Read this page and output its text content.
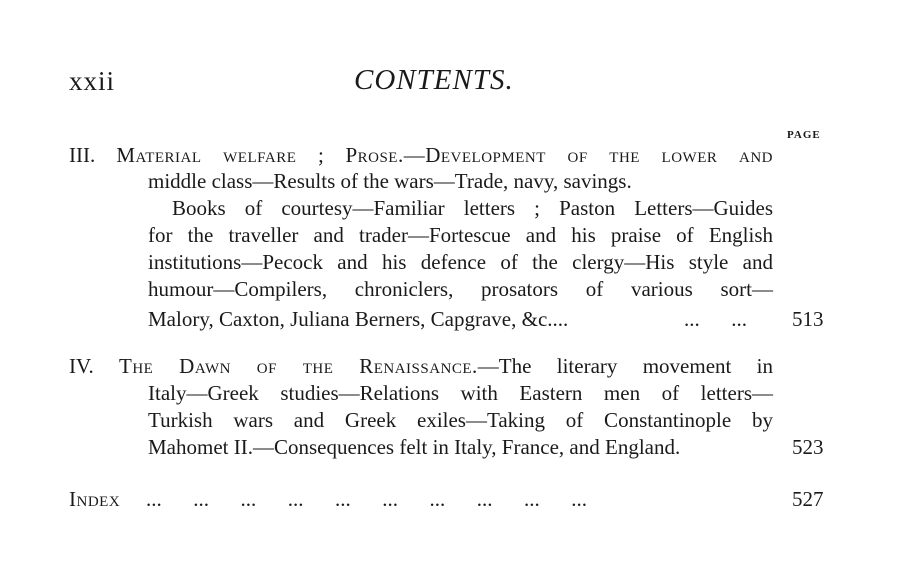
xxii	CONTENTS.
PAGE
III. Material welfare ; Prose.—Development of the lower and
middle class—Results of the wars—Trade, navy, savings.
Books of courtesy—Familiar letters ; Paston Letters—Guides
for the traveller and trader—Fortescue and his praise of English
institutions—Pecock and his defence of the clergy—His style and
humour—Compilers, chroniclers, prosators of various sort—
Malory, Caxton, Juliana Berners, Capgrave, &c....	...      ... 513
IV. The Dawn of the Renaissance.—The literary movement in
Italy—Greek studies—Relations with Eastern men of letters—
Turkish wars and Greek exiles—Taking of Constantinople by
Mahomet II.—Consequences felt in Italy, France, and England.	523
Index ...      ...      ...      ...      ...      ...      ...      ...      ...      ...	527
